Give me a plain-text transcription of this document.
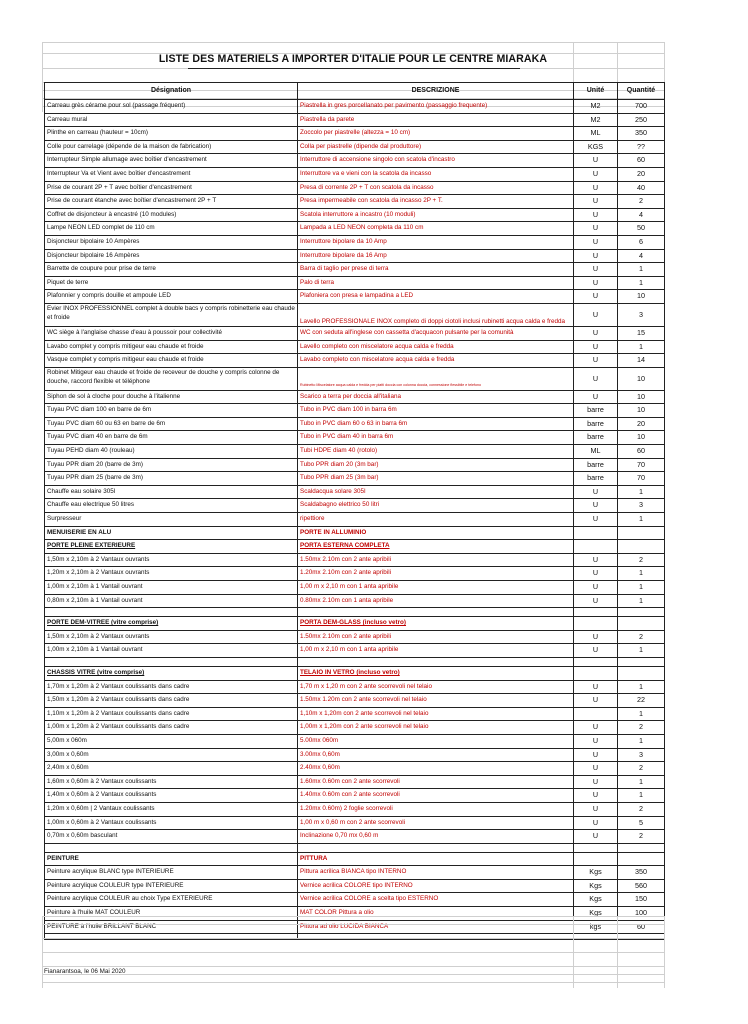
LISTE DES MATERIELS A IMPORTER D'ITALIE POUR LE CENTRE MIARAKA
Désignation	DESCRIZIONE	Unité	Quantité
Carreau grès cérame pour sol (passage fréquent)	Piastrella in gres porcellanato per pavimento (passaggio frequente)	M2	700
Carreau mural	Piastrella da parete	M2	250
Plinthe en carreau (hauteur = 10cm)	Zoccolo per piastrelle (altezza = 10 cm)	ML	350
Colle pour carrelage (dépende de la maison de fabrication)	Colla per piastrelle (dipende dal produttore)	KGS	??
Interrupteur Simple allumage avec boîtier d'encastrement	Interruttore di accensione singolo con scatola d'incastro	U	60
Interrupteur Va et Vient avec boîtier d'encastrement	Interruttore va e vieni con la scatola da incasso	U	20
Prise de courant 2P + T avec boîtier d'encastrement	Presa di corrente 2P + T con scatola da incasso	U	40
Prise de courant étanche avec boîtier d'encastrement 2P + T	Presa impermeabile con scatola da incasso 2P + T.	U	2
Coffret de disjoncteur à encastré (10 modules)	Scatola interruttore a incastro (10 moduli)	U	4
Lampe NEON LED complet de 110 cm	Lampada a LED NEON completa da 110 cm	U	50
Disjoncteur bipolaire 10 Ampères	Interruttore bipolare da 10 Amp	U	6
Disjoncteur bipolaire 16 Ampères	Interruttore bipolare da 16 Amp	U	4
Barrette de coupure pour prise de terre	Barra di taglio per prese di terra	U	1
Piquet de terre	Palo di terra	U	1
Plafonnier y compris douille et ampoule LED	Plafoniera con presa e lampadina a LED	U	10
Evier INOX PROFESSIONNEL complet à double bacs y compris robinetterie eau chaude et froide	Lavello PROFESSIONALE INOX completo di doppi ciotoli inclusi rubinetti acqua calda e fredda	U	3
WC siège à l'anglaise chasse d'eau à poussoir pour collectivité	WC con seduta all'inglese con cassetta d'acquacon pulsante per la comunità	U	15
Lavabo complet y compris mitigeur eau chaude et froide	Lavello completo con miscelatore acqua calda e fredda	U	1
Vasque complet y compris mitigeur eau chaude et froide	Lavabo completo con miscelatore acqua calda e fredda	U	14
Robinet Mitigeur eau chaude et froide de receveur de douche y compris colonne de douche, raccord flexible et téléphone	Rubinetto Miscelatore acqua calda e fredda per piatti doccia con colonna doccia, connessione flessibile e telefono	U	10
Siphon de sol à cloche pour douche à l'italienne	Scarico a terra per doccia all'italiana	U	10
Tuyau PVC diam 100 en barre de 6m	Tubo in PVC diam 100 in barra 6m	barre	10
Tuyau PVC diam 60 ou 63 en barre de 6m	Tubo in PVC diam 60 o 63 in barra 6m	barre	20
Tuyau PVC diam 40 en barre de 6m	Tubo in PVC diam 40 in barra 6m	barre	10
Tuyau PEHD diam 40 (rouleau)	Tubi HDPE diam 40 (rotolo)	ML	60
Tuyau PPR diam 20 (barre de 3m)	Tubo PPR diam 20 (3m bar)	barre	70
Tuyau PPR diam 25 (barre de 3m)	Tubo PPR diam 25 (3m bar)	barre	70
Chauffe eau solaire 305l	Scaldacqua solare 305l	U	1
Chauffe eau electrique 50 litres	Scaldabagno elettrico 50 litri	U	3
Surpresseur	ripettiore	U	1
MENUISERIE EN ALU	PORTE IN ALLUMINIO		
PORTE PLEINE EXTERIEURE	PORTA ESTERNA COMPLETA		
1,50m x 2,10m à 2 Vantaux ouvrants	1.50mx 2.10m con 2 ante apribili	U	2
1,20m x 2,10m à 2 Vantaux ouvrants	1.20mx 2.10m con 2 ante apribili	U	1
1,00m x 2,10m à 1 Vantail ouvrant	1,00 m x 2,10 m con 1 anta apribile	U	1
0,80m x 2,10m à 1 Vantail ouvrant	0.80mx 2.10m con 1 anta apribile	U	1

PORTE DEM-VITREE (vitre comprise)	PORTA DEM-GLASS (incluso vetro)		
1,50m x 2,10m à 2 Vantaux ouvrants	1.50mx 2.10m con 2 ante apribili	U	2
1,00m x 2,10m à 1 Vantail ouvrant	1,00 m x 2,10 m con 1 anta apribile	U	1

CHASSIS VITRE (vitre comprise)	TELAIO IN VETRO (incluso vetro)		
1,70m x 1,20m à 2 Vantaux coulissants dans cadre	1,70 m x 1,20 m con 2 ante scorrevoli nel telaio	U	1
1,50m x 1,20m à 2 Vantaux coulissants dans cadre	1.50mx 1.20m con 2 ante scorrevoli nel telaio	U	22
1,10m x 1,20m à 2 Vantaux coulissants dans cadre	1,10m x 1,20m con 2 ante scorrevoli nel telaio		1
1,00m x 1,20m à 2 Vantaux coulissants dans cadre	1,00m x 1,20m con 2 ante scorrevoli nel telaio	U	2
5,00m x 060m	5.00mx 060m	U	1
3,00m x 0,60m	3.00mx 0,60m	U	3
2,40m x 0,60m	2.40mx 0,60m	U	2
1,60m x 0,60m à 2 Vantaux coulissants	1.60mx 0.60m con 2 ante scorrevoli	U	1
1,40m x 0,60m à 2 Vantaux coulissants	1.40mx 0.60m con 2 ante scorrevoli	U	1
1,20m x 0,60m | 2 Vantaux coulissants	1.20mx 0.60m) 2 foglie scorrevoli	U	2
1,00m x 0,60m à 2 Vantaux coulissants	1,00 m x 0,60 m con 2 ante scorrevoli	U	5
0,70m x 0,60m basculant	Inclinazione 0,70 mx 0,60 m	U	2

PEINTURE	PITTURA		
Peinture acrylique BLANC type INTERIEURE	Pittura acrilica BIANCA tipo INTERNO	Kgs	350
Peinture acrylique COULEUR type INTERIEURE	Vernice acrilica COLORE tipo INTERNO	Kgs	560
Peinture acrylique COULEUR au choix Type EXTERIEURE	Vernice acrilica COLORE a scelta tipo ESTERNO	Kgs	150
Peinture à l'huile MAT COULEUR	MAT COLOR Pittura a olio	Kgs	100
PEINTURE à l'huile BRILLANT BLANC	Pittura ad olio LUCIDA BIANCA	kgs	60

Fianarantsoa, le 06 Mai 2020
